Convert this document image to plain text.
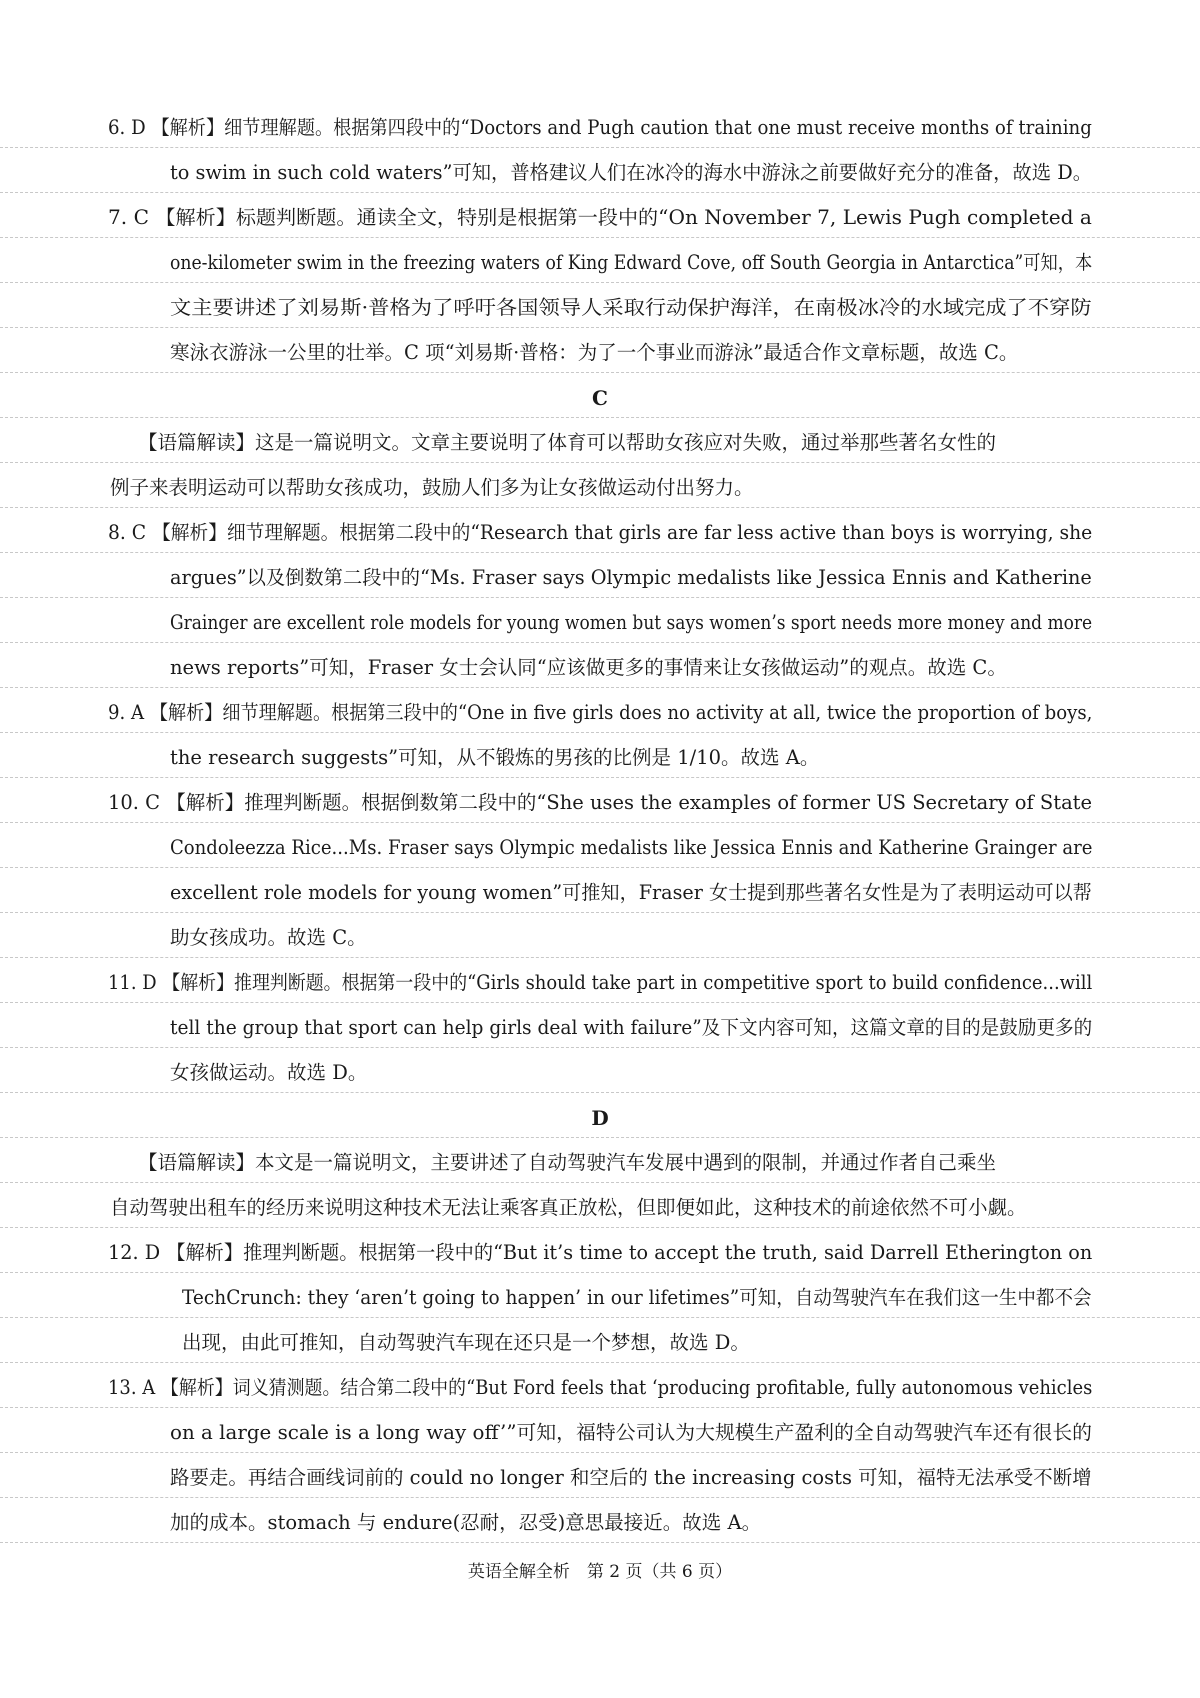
6. D 【解析】细节理解题。根据第四段中的“Doctors and Pugh caution that one must receive months of training
to swim in such cold waters”可知，普格建议人们在冰冷的海水中游泳之前要做好充分的准备，故选 D。
7. C 【解析】标题判断题。通读全文，特别是根据第一段中的“On November 7, Lewis Pugh completed a
one-kilometer swim in the freezing waters of King Edward Cove, off South Georgia in Antarctica”可知，本
文主要讲述了刘易斯·普格为了呼吁各国领导人采取行动保护海洋，在南极冰冷的水域完成了不穿防
寒泳衣游泳一公里的壮举。C 项“刘易斯·普格：为了一个事业而游泳”最适合作文章标题，故选 C。
C
【语篇解读】这是一篇说明文。文章主要说明了体育可以帮助女孩应对失败，通过举那些著名女性的
例子来表明运动可以帮助女孩成功，鼓励人们多为让女孩做运动付出努力。
8. C 【解析】细节理解题。根据第二段中的“Research that girls are far less active than boys is worrying, she
argues”以及倒数第二段中的“Ms. Fraser says Olympic medalists like Jessica Ennis and Katherine
Grainger are excellent role models for young women but says women’s sport needs more money and more
news reports”可知，Fraser 女士会认同“应该做更多的事情来让女孩做运动”的观点。故选 C。
9. A 【解析】细节理解题。根据第三段中的“One in five girls does no activity at all, twice the proportion of boys,
the research suggests”可知，从不锻炼的男孩的比例是 1/10。故选 A。
10. C 【解析】推理判断题。根据倒数第二段中的“She uses the examples of former US Secretary of State
Condoleezza Rice...Ms. Fraser says Olympic medalists like Jessica Ennis and Katherine Grainger are
excellent role models for young women”可推知，Fraser 女士提到那些著名女性是为了表明运动可以帮
助女孩成功。故选 C。
11. D 【解析】推理判断题。根据第一段中的“Girls should take part in competitive sport to build confidence...will
tell the group that sport can help girls deal with failure”及下文内容可知，这篇文章的目的是鼓励更多的
女孩做运动。故选 D。
D
【语篇解读】本文是一篇说明文，主要讲述了自动驾驶汽车发展中遇到的限制，并通过作者自己乘坐
自动驾驶出租车的经历来说明这种技术无法让乘客真正放松，但即便如此，这种技术的前途依然不可小觑。
12. D 【解析】推理判断题。根据第一段中的“But it’s time to accept the truth, said Darrell Etherington on
TechCrunch: they ‘aren’t going to happen’ in our lifetimes”可知，自动驾驶汽车在我们这一生中都不会
出现，由此可推知，自动驾驶汽车现在还只是一个梦想，故选 D。
13. A 【解析】词义猜测题。结合第二段中的“But Ford feels that ‘producing profitable, fully autonomous vehicles
on a large scale is a long way off’”可知，福特公司认为大规模生产盈利的全自动驾驶汽车还有很长的
路要走。再结合画线词前的 could no longer 和空后的 the increasing costs 可知，福特无法承受不断增
加的成本。stomach 与 endure(忍耐，忍受)意思最接近。故选 A。
英语全解全析　第 2 页（共 6 页）
